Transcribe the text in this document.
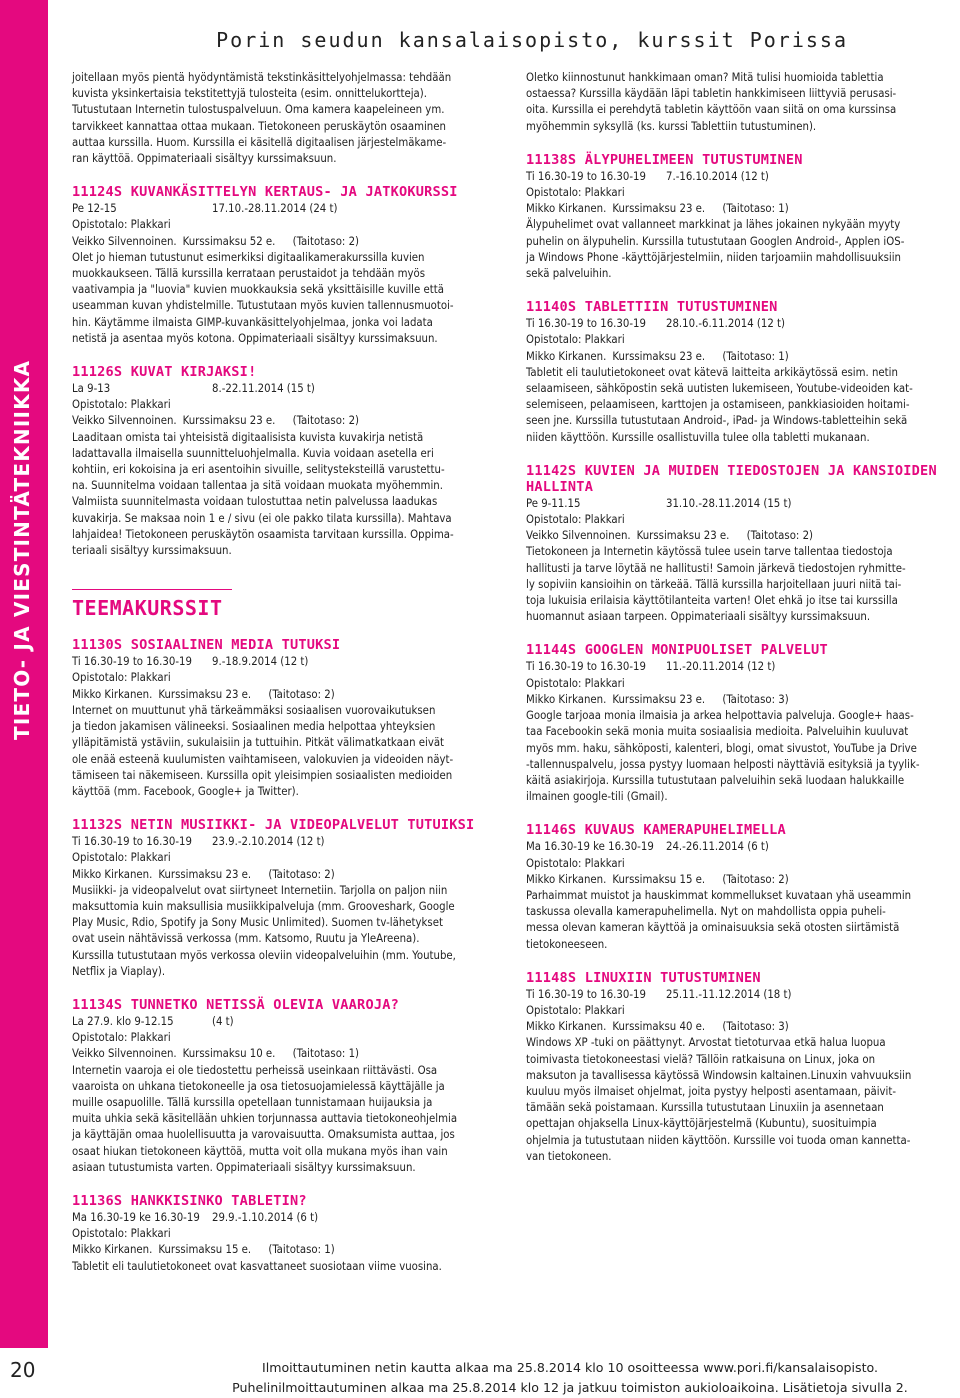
TIETO- JA VIESTINTÄTEKNIIKKA
20
Porin seudun kansalaisopisto, kurssit Porissa

joitellaan myös pientä hyödyntämistä tekstinkäsittelyohjelmassa: tehdään

kuvista yksinkertaisia tekstitettyjä tulosteita (esim. onnittelukortteja).

Tutustutaan Internetin tulostuspalveluun. Oma kamera kaapeleineen ym.

tarvikkeet kannattaa ottaa mukaan. Tietokoneen peruskäytön osaaminen

auttaa kurssilla. Huom. Kurssilla ei käsitellä digitaalisen järjestelmäkame-

ran käyttöä. Oppimateriaali sisältyy kurssimaksuun.

11124S KUVANKÄSITTELYN KERTAUS- JA JATKOKURSSI

Pe 12-15	17.10.-28.11.2014 (24 t)

Opistotalo: Plakkari

Veikko Silvennoinen. Kurssimaksu 52 e.	(Taitotaso: 2)

Olet jo hieman tutustunut esimerkiksi digitaalikamerakurssilla kuvien

muokkaukseen. Tällä kurssilla kerrataan perustaidot ja tehdään myös

vaativampia ja "luovia" kuvien muokkauksia sekä yksittäisille kuville että

useamman kuvan yhdistelmille. Tutustutaan myös kuvien tallennusmuotoi-

hin. Käytämme ilmaista GIMP-kuvankäsittelyohjelmaa, jonka voi ladata

netistä ja asentaa myös kotona. Oppimateriaali sisältyy kurssimaksuun.

11126S KUVAT KIRJAKSI!

La 9-13	8.-22.11.2014 (15 t)

Opistotalo: Plakkari

Veikko Silvennoinen. Kurssimaksu 23 e.	(Taitotaso: 2)

Laaditaan omista tai yhteisistä digitaalisista kuvista kuvakirja netistä

ladattavalla ilmaisella suunnitteluohjelmalla. Kuvia voidaan asetella eri

kohtiin, eri kokoisina ja eri asentoihin sivuille, selitysteksteillä varustettu-

na. Suunnitelma voidaan tallentaa ja sitä voidaan muokata myöhemmin.

Valmiista suunnitelmasta voidaan tulostuttaa netin palvelussa laadukas

kuvakirja. Se maksaa noin 1 e / sivu (ei ole pakko tilata kurssilla). Mahtava

lahjaidea! Tietokoneen peruskäytön osaamista tarvitaan kurssilla. Oppima-

teriaali sisältyy kurssimaksuun.

TEEMAKURSSIT

11130S SOSIAALINEN MEDIA TUTUKSI

Ti 16.30-19 to 16.30-19	9.-18.9.2014 (12 t)

Opistotalo: Plakkari

Mikko Kirkanen. Kurssimaksu 23 e.	(Taitotaso: 2)

Internet on muuttunut yhä tärkeämmäksi sosiaalisen vuorovaikutuksen

ja tiedon jakamisen välineeksi. Sosiaalinen media helpottaa yhteyksien

ylläpitämistä ystäviin, sukulaisiin ja tuttuihin. Pitkät välimatkatkaan eivät

ole enää esteenä kuulumisten vaihtamiseen, valokuvien ja videoiden näyt-

tämiseen tai näkemiseen. Kurssilla opit yleisimpien sosiaalisten medioiden

käyttöä (mm. Facebook, Google+ ja Twitter).

11132S NETIN MUSIIKKI- JA VIDEOPALVELUT TUTUIKSI

Ti 16.30-19 to 16.30-19	23.9.-2.10.2014 (12 t)

Opistotalo: Plakkari

Mikko Kirkanen. Kurssimaksu 23 e.	(Taitotaso: 2)

Musiikki- ja videopalvelut ovat siirtyneet Internetiin. Tarjolla on paljon niin

maksuttomia kuin maksullisia musiikkipalveluja (mm. Grooveshark, Google

Play Music, Rdio, Spotify ja Sony Music Unlimited). Suomen tv-lähetykset

ovat usein nähtävissä verkossa (mm. Katsomo, Ruutu ja YleAreena).

Kurssilla tutustutaan myös verkossa oleviin videopalveluihin (mm. Youtube,

Netflix ja Viaplay).

11134S TUNNETKO NETISSÄ OLEVIA VAAROJA?

La 27.9. klo 9-12.15	(4 t)

Opistotalo: Plakkari

Veikko Silvennoinen. Kurssimaksu 10 e.	(Taitotaso: 1)

Internetin vaaroja ei ole tiedostettu perheissä useinkaan riittävästi. Osa

vaaroista on uhkana tietokoneelle ja osa tietosuojamielessä käyttäjälle ja

muille osapuolille. Tällä kurssilla opetellaan tunnistamaan huijauksia ja

muita uhkia sekä käsitellään uhkien torjunnassa auttavia tietokoneohjelmia

ja käyttäjän omaa huolellisuutta ja varovaisuutta. Omaksumista auttaa, jos

osaat hiukan tietokoneen käyttöä, mutta voit olla mukana myös ihan vain

asiaan tutustumista varten. Oppimateriaali sisältyy kurssimaksuun.

11136S HANKKISINKO TABLETIN?

Ma 16.30-19 ke 16.30-19	29.9.-1.10.2014 (6 t)

Opistotalo: Plakkari

Mikko Kirkanen. Kurssimaksu 15 e.	(Taitotaso: 1)

Tabletit eli taulutietokoneet ovat kasvattaneet suosiotaan viime vuosina.

Oletko kiinnostunut hankkimaan oman? Mitä tulisi huomioida tablettia

ostaessa? Kurssilla käydään läpi tabletin hankkimiseen liittyviä perusasi-

oita. Kurssilla ei perehdytä tabletin käyttöön vaan siitä on oma kurssinsa

myöhemmin syksyllä (ks. kurssi Tablettiin tutustuminen).

11138S ÄLYPUHELIMEEN TUTUSTUMINEN

Ti 16.30-19 to 16.30-19	7.-16.10.2014 (12 t)

Opistotalo: Plakkari

Mikko Kirkanen. Kurssimaksu 23 e.	(Taitotaso: 1)

Älypuhelimet ovat vallanneet markkinat ja lähes jokainen nykyään myyty

puhelin on älypuhelin. Kurssilla tutustutaan Googlen Android-, Applen iOS-

ja Windows Phone -käyttöjärjestelmiin, niiden tarjoamiin mahdollisuuksiin

sekä palveluihin.

11140S TABLETTIIN TUTUSTUMINEN

Ti 16.30-19 to 16.30-19	28.10.-6.11.2014 (12 t)

Opistotalo: Plakkari

Mikko Kirkanen. Kurssimaksu 23 e.	(Taitotaso: 1)

Tabletit eli taulutietokoneet ovat kätevä laitteita arkikäytössä esim. netin

selaamiseen, sähköpostin sekä uutisten lukemiseen, Youtube-videoiden kat-

selemiseen, pelaamiseen, karttojen ja ostamiseen, pankkiasioiden hoitami-

seen jne. Kurssilla tutustutaan Android-, iPad- ja Windows-tabletteihin sekä

niiden käyttöön. Kurssille osallistuvilla tulee olla tabletti mukanaan.

11142S KUVIEN JA MUIDEN TIEDOSTOJEN JA KANSIOIDEN HALLINTA

Pe 9-11.15	31.10.-28.11.2014 (15 t)

Opistotalo: Plakkari

Veikko Silvennoinen. Kurssimaksu 23 e.	(Taitotaso: 2)

Tietokoneen ja Internetin käytössä tulee usein tarve tallentaa tiedostoja

hallitusti ja tarve löytää ne hallitusti! Samoin järkevä tiedostojen ryhmitte-

ly sopiviin kansioihin on tärkeää. Tällä kurssilla harjoitellaan juuri niitä tai-

toja lukuisia erilaisia käyttötilanteita varten! Olet ehkä jo itse tai kurssilla

huomannut asiaan tarpeen. Oppimateriaali sisältyy kurssimaksuun.

11144S GOOGLEN MONIPUOLISET PALVELUT

Ti 16.30-19 to 16.30-19	11.-20.11.2014 (12 t)

Opistotalo: Plakkari

Mikko Kirkanen. Kurssimaksu 23 e.	(Taitotaso: 3)

Google tarjoaa monia ilmaisia ja arkea helpottavia palveluja. Google+ haas-

taa Facebookin sekä monia muita sosiaalisia medioita. Palveluihin kuuluvat

myös mm. haku, sähköposti, kalenteri, blogi, omat sivustot, YouTube ja Drive

-tallennuspalvelu, jossa pystyy luomaan helposti näyttäviä esityksiä ja tyylik-

käitä asiakirjoja. Kurssilla tutustutaan palveluihin sekä luodaan halukkaille

ilmainen google-tili (Gmail).

11146S KUVAUS KAMERAPUHELIMELLA

Ma 16.30-19 ke 16.30-19	24.-26.11.2014 (6 t)

Opistotalo: Plakkari

Mikko Kirkanen. Kurssimaksu 15 e.	(Taitotaso: 2)

Parhaimmat muistot ja hauskimmat kommellukset kuvataan yhä useammin

taskussa olevalla kamerapuhelimella. Nyt on mahdollista oppia puheli-

messa olevan kameran käyttöä ja ominaisuuksia sekä otosten siirtämistä

tietokoneeseen.

11148S LINUXIIN TUTUSTUMINEN

Ti 16.30-19 to 16.30-19	25.11.-11.12.2014 (18 t)

Opistotalo: Plakkari

Mikko Kirkanen. Kurssimaksu 40 e.	(Taitotaso: 3)

Windows XP -tuki on päättynyt. Arvostat tietoturvaa etkä halua luopua

toimivasta tietokoneestasi vielä? Tällöin ratkaisuna on Linux, joka on

maksuton ja tavallisessa käytössä Windowsin kaltainen.Linuxin vahvuuksiin

kuuluu myös ilmaiset ohjelmat, joita pystyy helposti asentamaan, päivit-

tämään sekä poistamaan. Kurssilla tutustutaan Linuxiin ja asennetaan

opettajan ohjaksella Linux-käyttöjärjestelmä (Kubuntu), suosituimpia

ohjelmia ja tutustutaan niiden käyttöön. Kurssille voi tuoda oman kannetta-

van tietokoneen.

Ilmoittautuminen netin kautta alkaa ma 25.8.2014 klo 10 osoitteessa www.pori.fi/kansalaisopisto.
Puhelinilmoittautuminen alkaa ma 25.8.2014 klo 12 ja jatkuu toimiston aukioloaikoina. Lisätietoja sivulla 2.
